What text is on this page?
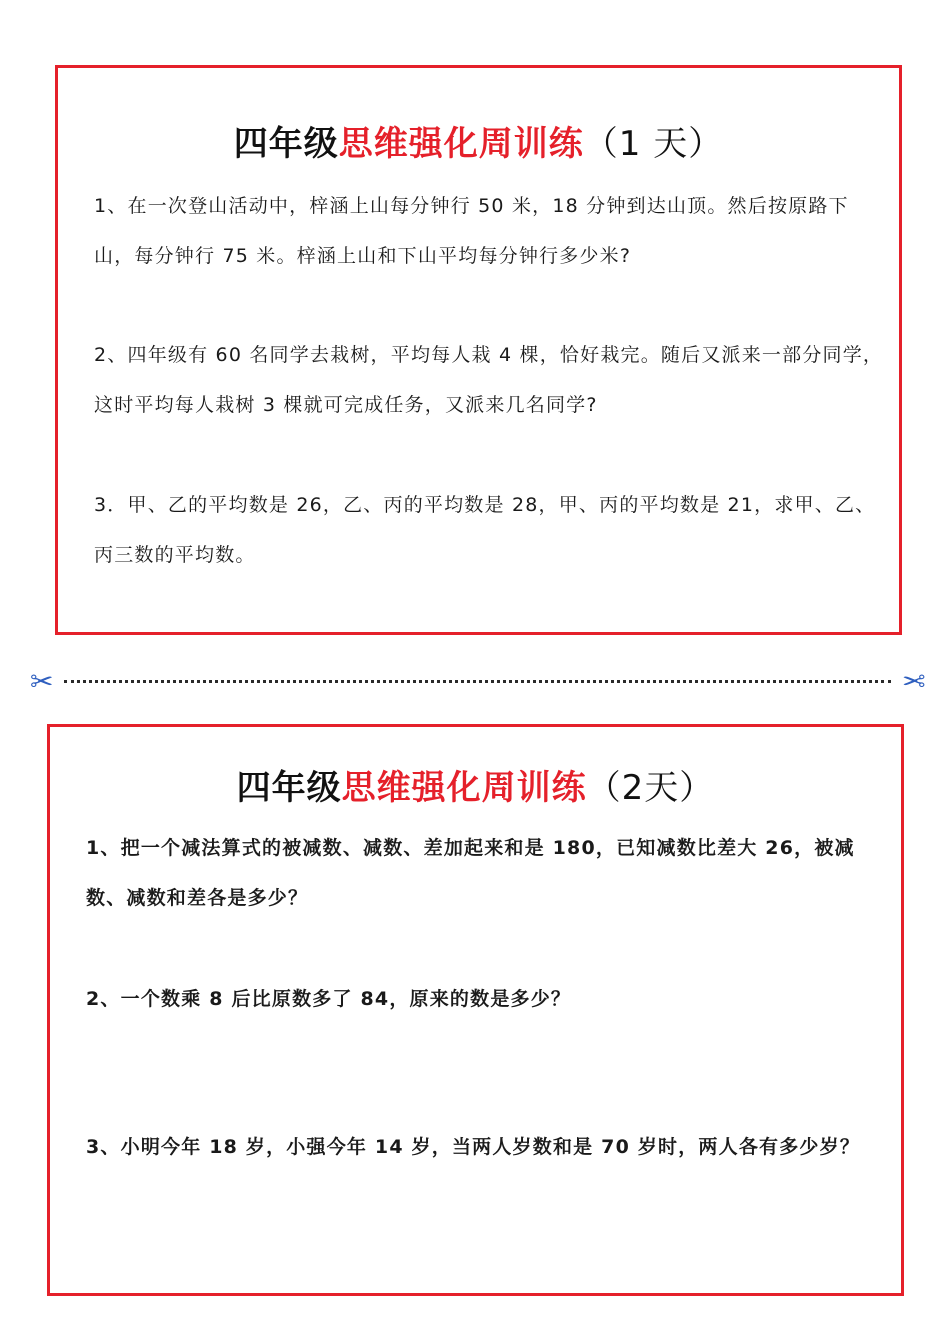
四年级思维强化周训练（1 天）
1、在一次登山活动中，梓涵上山每分钟行 50 米，18 分钟到达山顶。然后按原路下山，每分钟行 75 米。梓涵上山和下山平均每分钟行多少米?
2、四年级有 60 名同学去栽树，平均每人栽 4 棵，恰好栽完。随后又派来一部分同学，这时平均每人栽树 3 棵就可完成任务，又派来几名同学?
3．甲、乙的平均数是 26，乙、丙的平均数是 28，甲、丙的平均数是 21，求甲、乙、丙三数的平均数。
✂	✂
四年级思维强化周训练（2天）
1、把一个减法算式的被减数、减数、差加起来和是 180，已知减数比差大 26，被减数、减数和差各是多少？
2、一个数乘 8 后比原数多了 84，原来的数是多少？
3、小明今年 18 岁，小强今年 14 岁，当两人岁数和是 70 岁时，两人各有多少岁？
